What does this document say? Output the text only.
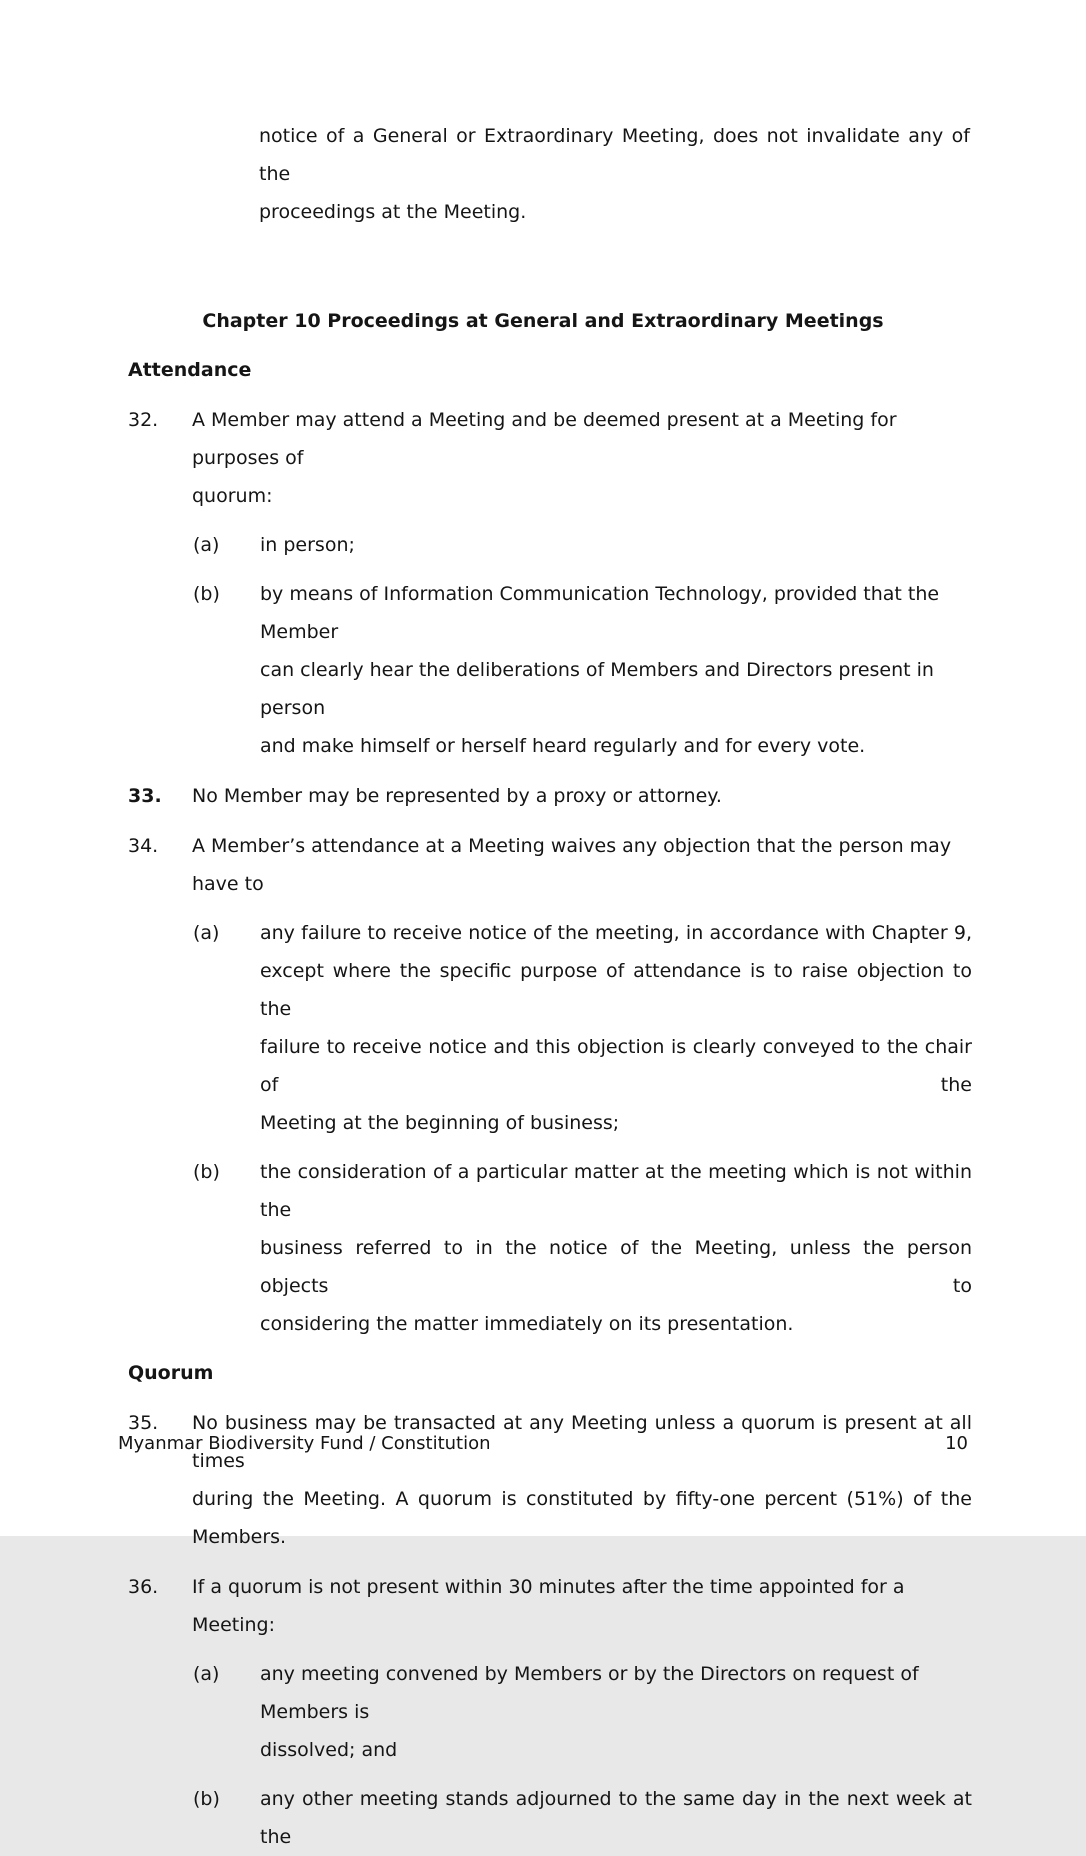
notice of a General or Extraordinary Meeting, does not invalidate any of the
proceedings at the Meeting.
Chapter 10 Proceedings at General and Extraordinary Meetings
Attendance
32.	A Member may attend a Meeting and be deemed present at a Meeting for purposes of
quorum:
(a)	in person;
(b)	by means of Information Communication Technology, provided that the Member
can clearly hear the deliberations of Members and Directors present in person
and make himself or herself heard regularly and for every vote.
33.	No Member may be represented by a proxy or attorney.
34.	A Member’s attendance at a Meeting waives any objection that the person may have to
(a)	any failure to receive notice of the meeting, in accordance with Chapter 9,
except where the specific purpose of attendance is to raise objection to the
failure to receive notice and this objection is clearly conveyed to the chair of the
Meeting at the beginning of business;
(b)	the consideration of a particular matter at the meeting which is not within the
business referred to in the notice of the Meeting, unless the person objects to
considering the matter immediately on its presentation.
Quorum
35.	No business may be transacted at any Meeting unless a quorum is present at all times
during the Meeting. A quorum is constituted by fifty-one percent (51%) of the
Members.
36.	If a quorum is not present within 30 minutes after the time appointed for a Meeting:
(a)	any meeting convened by Members or by the Directors on request of Members is
dissolved; and
(b)	any other meeting stands adjourned to the same day in the next week at the
Myanmar Biodiversity Fund / Constitution	10
